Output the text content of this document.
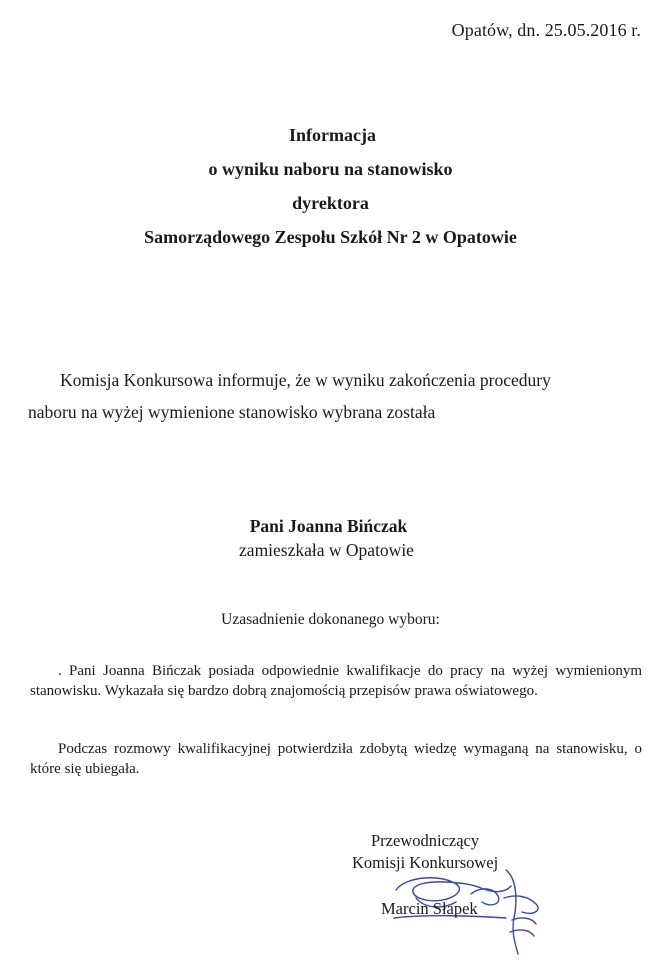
Opatów, dn. 25.05.2016 r.
Informacja
o wyniku naboru na stanowisko
dyrektora
Samorządowego Zespołu Szkół Nr 2 w Opatowie
Komisja Konkursowa informuje, że w wyniku zakończenia procedury
naboru na wyżej wymienione stanowisko wybrana została
Pani Joanna Bińczak
zamieszkała w Opatowie
Uzasadnienie dokonanego wyboru:
. Pani Joanna Bińczak posiada odpowiednie kwalifikacje do pracy na wyżej wymienionym stanowisku. Wykazała się bardzo dobrą znajomością przepisów prawa oświatowego.
Podczas rozmowy kwalifikacyjnej potwierdziła zdobytą wiedzę wymaganą na stanowisku, o które się ubiegała.
Przewodniczący
Komisji Konkursowej
Marcin Słapek
